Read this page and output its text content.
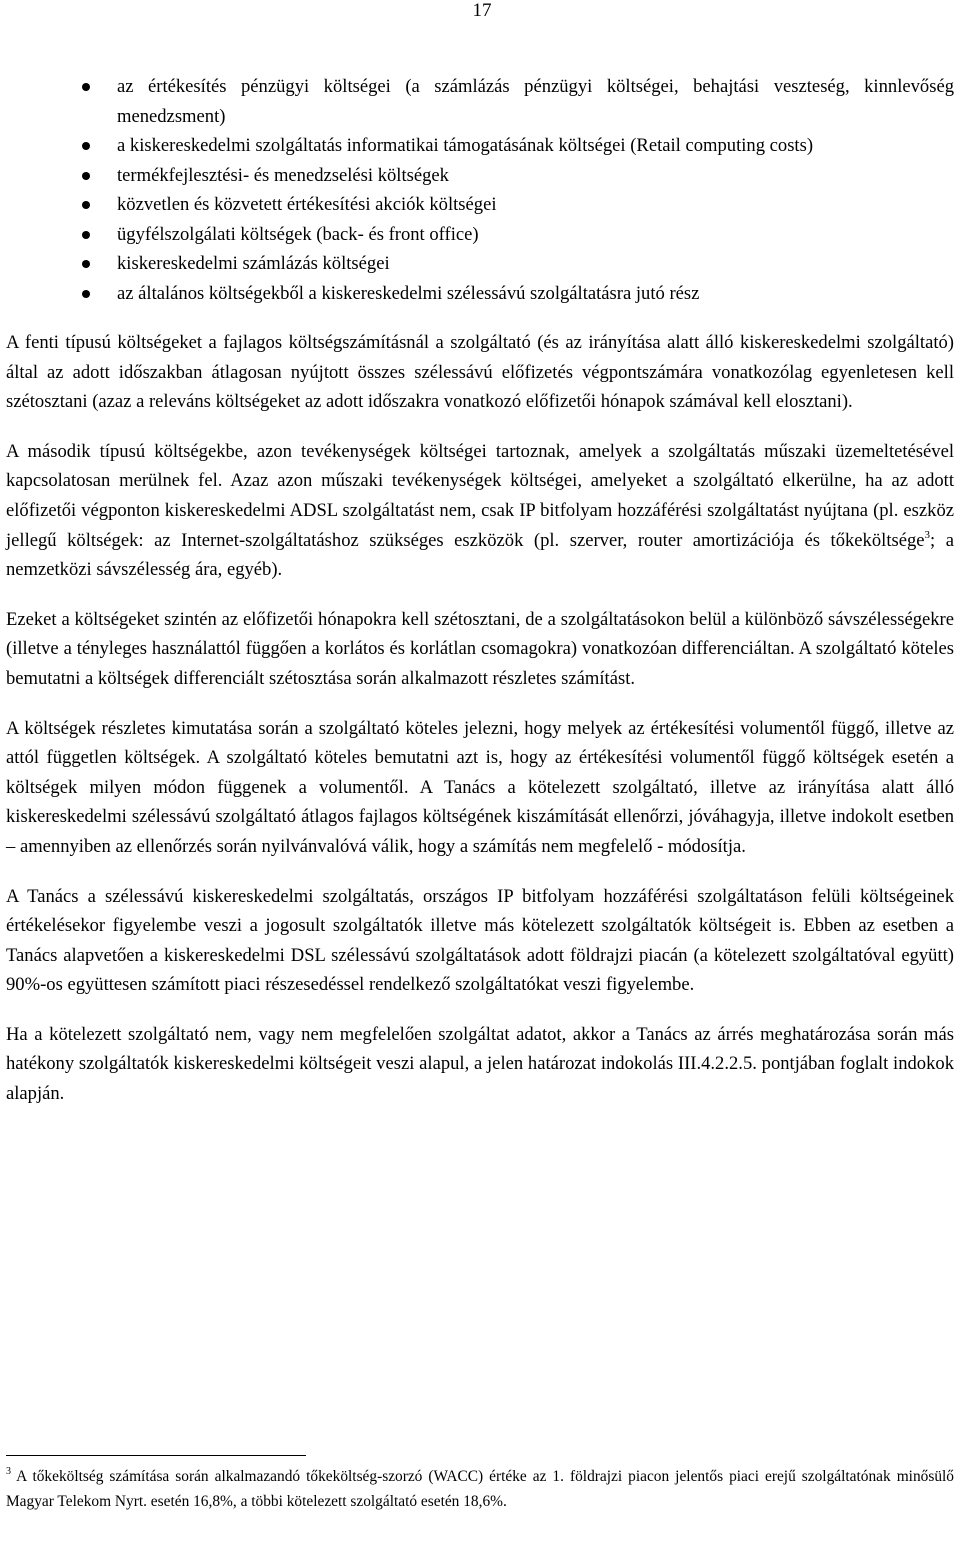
17
az értékesítés pénzügyi költségei (a számlázás pénzügyi költségei, behajtási veszteség, kinnlevőség menedzsment)
a kiskereskedelmi szolgáltatás informatikai támogatásának költségei (Retail computing costs)
termékfejlesztési- és menedzselési költségek
közvetlen és közvetett értékesítési akciók költségei
ügyfélszolgálati költségek (back- és front office)
kiskereskedelmi számlázás költségei
az általános költségekből a kiskereskedelmi szélessávú szolgáltatásra jutó rész

A fenti típusú költségeket a fajlagos költségszámításnál a szolgáltató (és az irányítása alatt álló kiskereskedelmi szolgáltató) által az adott időszakban átlagosan nyújtott összes szélessávú előfizetés végpontszámára vonatkozólag egyenletesen kell szétosztani (azaz a releváns költségeket az adott időszakra vonatkozó előfizetői hónapok számával kell elosztani).

A második típusú költségekbe, azon tevékenységek költségei tartoznak, amelyek a szolgáltatás műszaki üzemeltetésével kapcsolatosan merülnek fel. Azaz azon műszaki tevékenységek költségei, amelyeket a szolgáltató elkerülne, ha az adott előfizetői végponton kiskereskedelmi ADSL szolgáltatást nem, csak IP bitfolyam hozzáférési szolgáltatást nyújtana (pl. eszköz jellegű költségek: az Internet-szolgáltatáshoz szükséges eszközök (pl. szerver, router amortizációja és tőkeköltsége$^3$; a nemzetközi sávszélesség ára, egyéb).

Ezeket a költségeket szintén az előfizetői hónapokra kell szétosztani, de a szolgáltatásokon belül a különböző sávszélességekre (illetve a tényleges használattól függően a korlátos és korlátlan csomagokra) vonatkozóan differenciáltan. A szolgáltató köteles bemutatni a költségek differenciált szétosztása során alkalmazott részletes számítást.

A költségek részletes kimutatása során a szolgáltató köteles jelezni, hogy melyek az értékesítési volumentől függő, illetve az attól független költségek. A szolgáltató köteles bemutatni azt is, hogy az értékesítési volumentől függő költségek esetén a költségek milyen módon függenek a volumentől. A Tanács a kötelezett szolgáltató, illetve az irányítása alatt álló kiskereskedelmi szélessávú szolgáltató átlagos fajlagos költségének kiszámítását ellenőrzi, jóváhagyja, illetve indokolt esetben – amennyiben az ellenőrzés során nyilvánvalóvá válik, hogy a számítás nem megfelelő - módosítja.

A Tanács a szélessávú kiskereskedelmi szolgáltatás, országos IP bitfolyam hozzáférési szolgáltatáson felüli költségeinek értékelésekor figyelembe veszi a jogosult szolgáltatók illetve más kötelezett szolgáltatók költségeit is. Ebben az esetben a Tanács alapvetően a kiskereskedelmi DSL szélessávú szolgáltatások adott földrajzi piacán (a kötelezett szolgáltatóval együtt) 90%-os együttesen számított piaci részesedéssel rendelkező szolgáltatókat veszi figyelembe.

Ha a kötelezett szolgáltató nem, vagy nem megfelelően szolgáltat adatot, akkor a Tanács az árrés meghatározása során más hatékony szolgáltatók kiskereskedelmi költségeit veszi alapul, a jelen határozat indokolás III.4.2.2.5. pontjában foglalt indokok alapján.

$^3$ A tőkeköltség számítása során alkalmazandó tőkeköltség-szorzó (WACC) értéke az 1. földrajzi piacon jelentős piaci erejű szolgáltatónak minősülő Magyar Telekom Nyrt. esetén 16,8%, a többi kötelezett szolgáltató esetén 18,6%.
